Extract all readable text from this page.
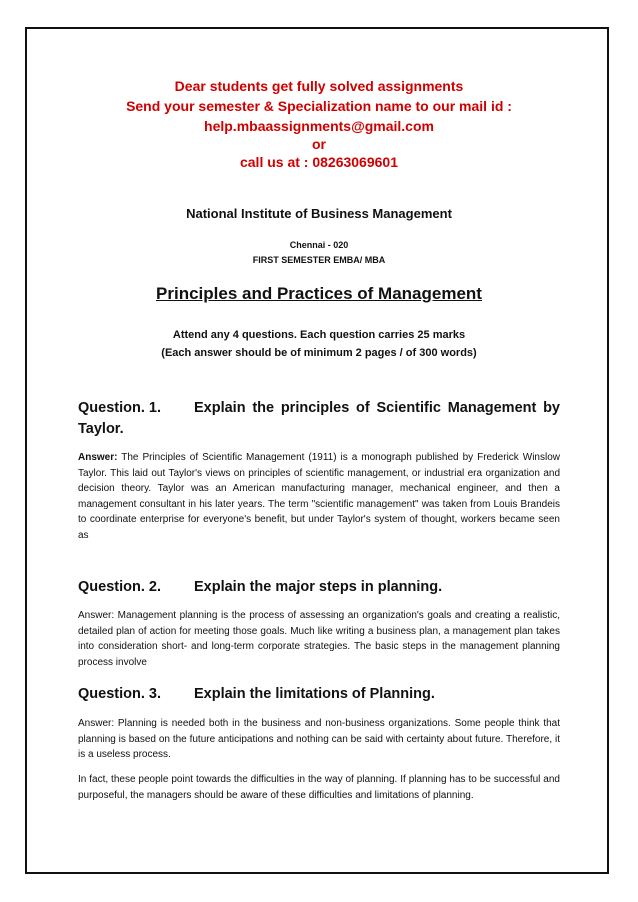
Dear students get fully solved assignments
Send your semester & Specialization name to our mail id :
help.mbaassignments@gmail.com
or
call us at : 08263069601
National Institute of Business Management
Chennai - 020
FIRST SEMESTER EMBA/ MBA
Principles and Practices of Management
Attend any 4 questions. Each question carries 25 marks
(Each answer should be of minimum 2 pages / of 300 words)
Question. 1. Explain the principles of Scientific Management by Taylor.
Answer: The Principles of Scientific Management (1911) is a monograph published by Frederick Winslow Taylor. This laid out Taylor's views on principles of scientific management, or industrial era organization and decision theory. Taylor was an American manufacturing manager, mechanical engineer, and then a management consultant in his later years. The term "scientific management" was taken from Louis Brandeis to coordinate enterprise for everyone's benefit, but under Taylor's system of thought, workers became seen as
Question. 2. Explain the major steps in planning.
Answer: Management planning is the process of assessing an organization's goals and creating a realistic, detailed plan of action for meeting those goals. Much like writing a business plan, a management plan takes into consideration short- and long-term corporate strategies. The basic steps in the management planning process involve
Question. 3. Explain the limitations of Planning.
Answer: Planning is needed both in the business and non-business organizations. Some people think that planning is based on the future anticipations and nothing can be said with certainty about future. Therefore, it is a useless process.
In fact, these people point towards the difficulties in the way of planning. If planning has to be successful and purposeful, the managers should be aware of these difficulties and limitations of planning.
